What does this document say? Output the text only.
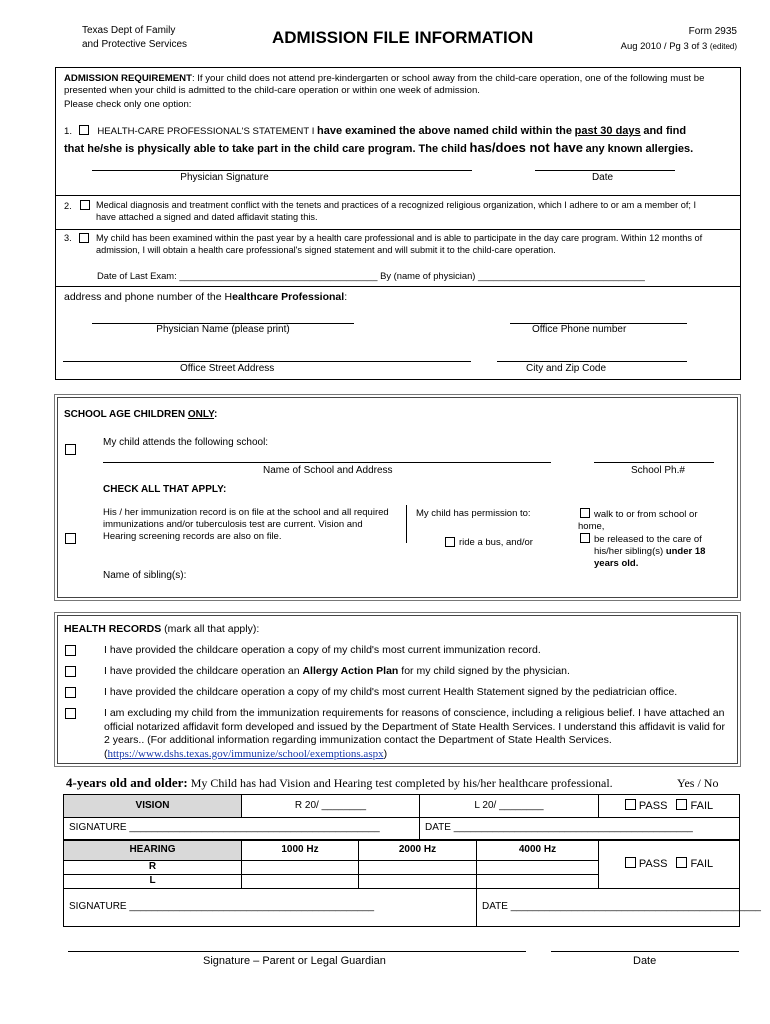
Texas Dept of Family
and Protective Services	ADMISSION FILE INFORMATION	Form 2935
Aug 2010 / Pg 3 of 3 (edited)
ADMISSION REQUIREMENT: If your child does not attend pre-kindergarten or school away from the child-care operation, one of the following must be presented when your child is admitted to the child-care operation or within one week of admission.
Please check only one option:
1.	HEALTH-CARE PROFESSIONAL'S STATEMENT I have examined the above named child within the past 30 days and find
that he/she is physically able to take part in the child care program. The child has/does not have any known allergies.
Physician Signature	Date
2.	Medical diagnosis and treatment conflict with the tenets and practices of a recognized religious organization, which I adhere to or am a member of; I have attached a signed and dated affidavit stating this.
3.	My child has been examined within the past year by a health care professional and is able to participate in the day care program. Within 12 months of admission, I will obtain a health care professional's signed statement and will submit it to the child-care operation.
Date of Last Exam: ______________________________________ By (name of physician) ________________________________
address and phone number of the Healthcare Professional:
Physician Name (please print)	Office Phone number
Office Street Address	City and Zip Code
SCHOOL AGE CHILDREN ONLY:
My child attends the following school:
Name of School and Address	School Ph.#
CHECK ALL THAT APPLY:
His / her immunization record is on file at the school and all required immunizations and/or tuberculosis test are current. Vision and Hearing screening records are also on file.
My child has permission to:
ride a bus, and/or
walk to or from school or home,
be released to the care of his/her sibling(s) under 18 years old.
Name of sibling(s):
HEALTH RECORDS (mark all that apply):
I have provided the childcare operation a copy of my child's most current immunization record.
I have provided the childcare operation an Allergy Action Plan for my child signed by the physician.
I have provided the childcare operation a copy of my child's most current Health Statement signed by the pediatrician office.
I am excluding my child from the immunization requirements for reasons of conscience, including a religious belief. I have attached an official notarized affidavit form developed and issued by the Department of State Health Services. I understand this affidavit is valid for 2 years.. (For additional information regarding immunization contact the Department of State Health Services. (https://www.dshs.texas.gov/immunize/school/exemptions.aspx)
4-years old and older: My Child has had Vision and Hearing test completed by his/her healthcare professional.	Yes / No
VISION	R 20/ ________	L 20/ ________	PASS FAIL
SIGNATURE _____________________________________________		DATE ___________________________________________	
HEARING	1000 Hz	2000 Hz	4000 Hz	PASS FAIL
R				
L				
SIGNATURE ____________________________________________			DATE _____________________________________________	
Signature – Parent or Legal Guardian	Date
